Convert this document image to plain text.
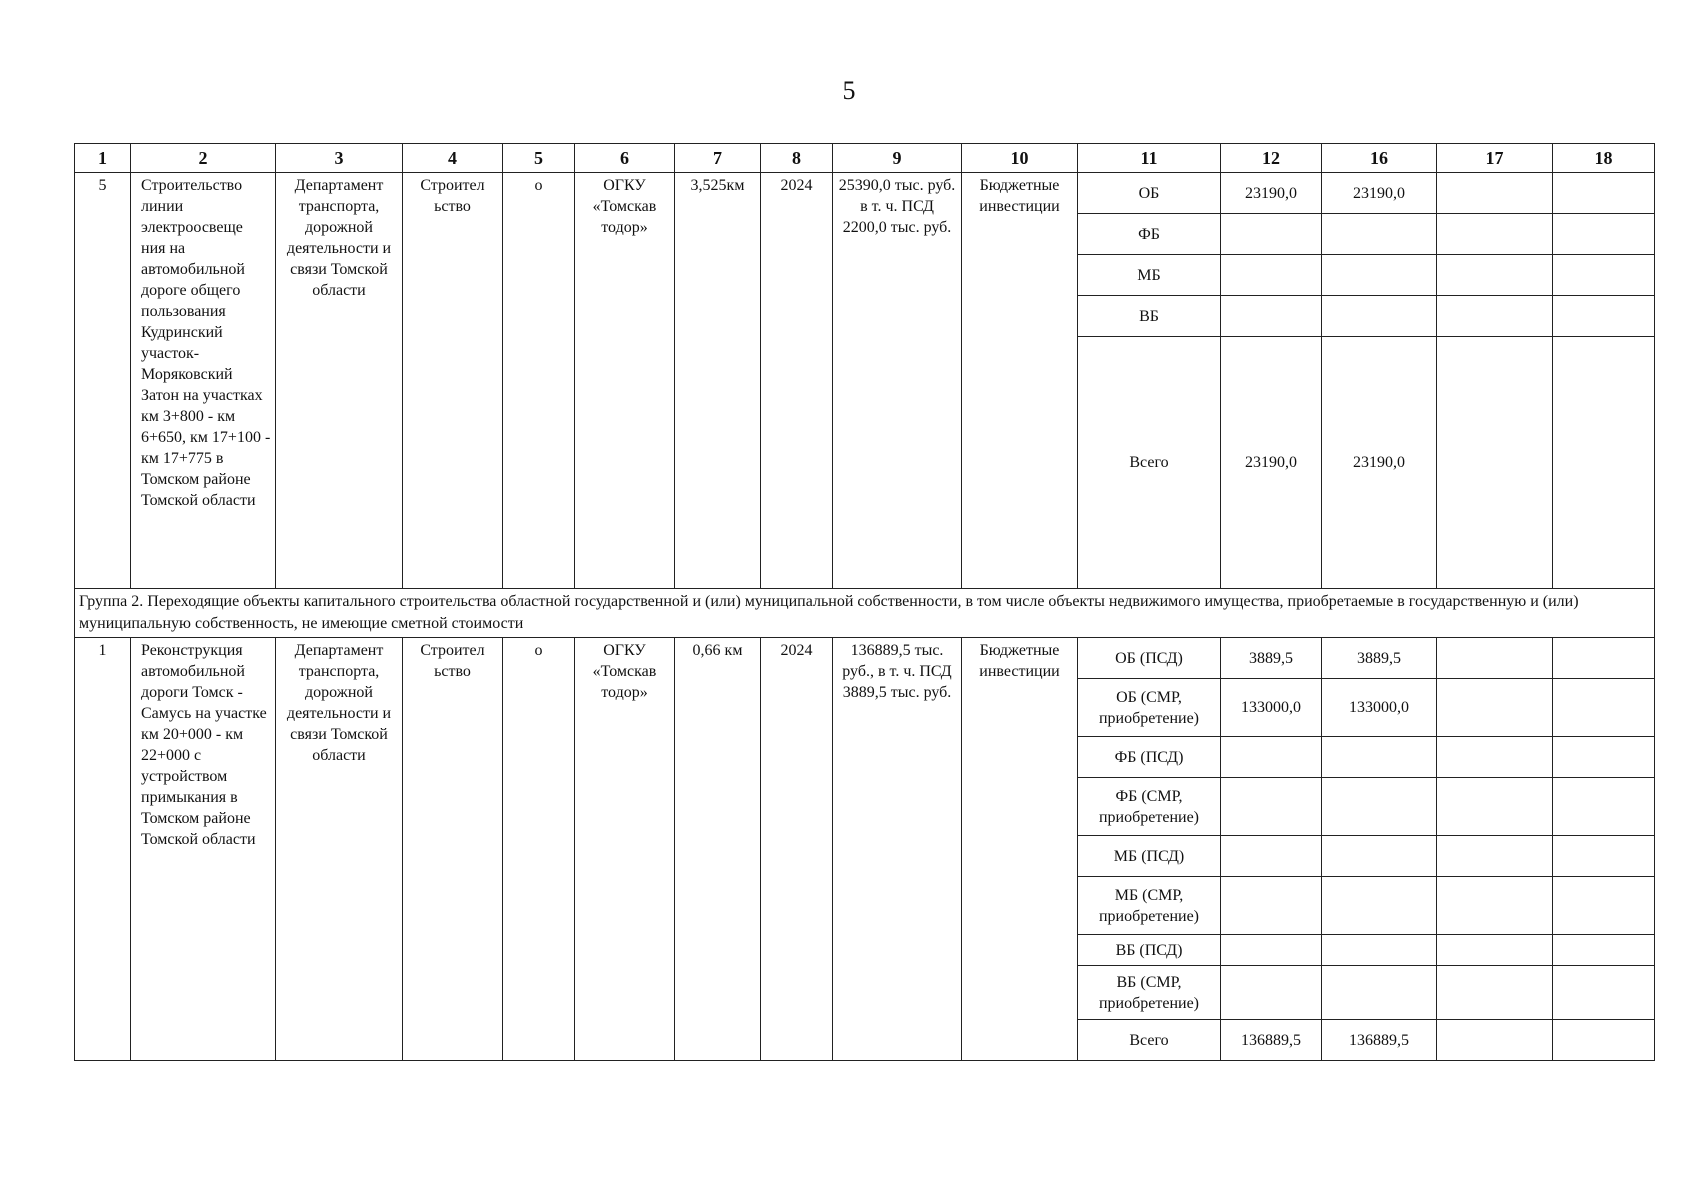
5
1	2	3	4	5	6	7	8	9	10	11	12	16	17	18
5	Строительство линии электроосвеще ния на автомобильной дороге общего пользования Кудринский участок-Моряковский Затон на участках км 3+800 - км 6+650, км 17+100 - км 17+775 в Томском районе Томской области	Департамент транспорта, дорожной деятельности и связи Томской области	Строител ьство	о	ОГКУ «Томскав тодор»	3,525км	2024	25390,0 тыс. руб. в т. ч. ПСД 2200,0 тыс. руб.	Бюджетные инвестиции	ОБ	23190,0	23190,0		
										ФБ				
										МБ				
										ВБ				
										Всего	23190,0	23190,0		
Группа 2. Переходящие объекты капитального строительства областной государственной и (или) муниципальной собственности, в том числе объекты недвижимого имущества, приобретаемые в государственную и (или) муниципальную собственность, не имеющие сметной стоимости														
1	Реконструкция автомобильной дороги Томск - Самусь на участке км 20+000 - км 22+000 с устройством примыкания в Томском районе Томской области	Департамент транспорта, дорожной деятельности и связи Томской области	Строител ьство	о	ОГКУ «Томскав тодор»	0,66 км	2024	136889,5 тыс. руб., в т. ч. ПСД 3889,5 тыс. руб.	Бюджетные инвестиции	ОБ (ПСД)	3889,5	3889,5		
										ОБ (СМР, приобретение)	133000,0	133000,0		
										ФБ (ПСД)				
										ФБ (СМР, приобретение)				
										МБ (ПСД)				
										МБ (СМР, приобретение)				
										ВБ (ПСД)				
										ВБ (СМР, приобретение)				
										Всего	136889,5	136889,5		
